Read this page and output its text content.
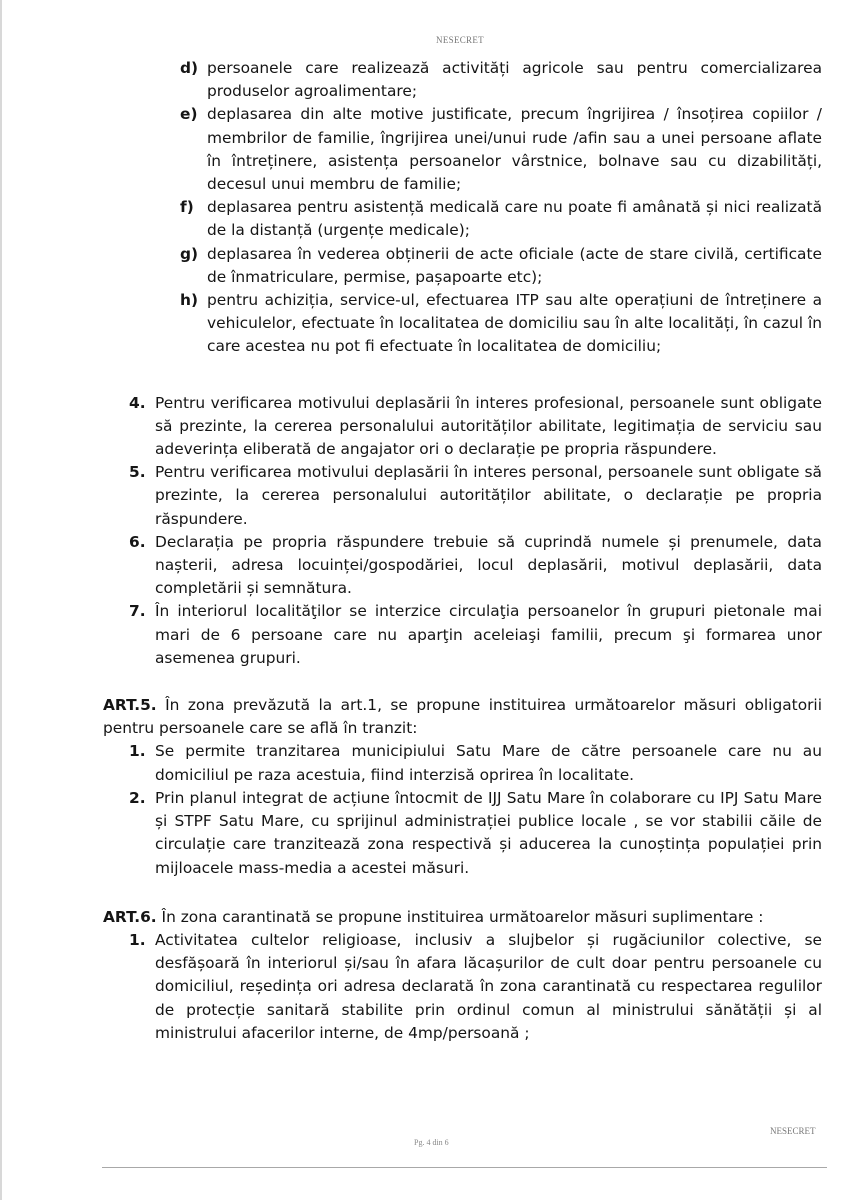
NESECRET

d) persoanele care realizează activități agricole sau pentru comercializarea produselor agroalimentare;

e) deplasarea din alte motive justificate, precum îngrijirea / însoțirea copiilor / membrilor de familie, îngrijirea unei/unui rude /afin sau a unei persoane aflate în întreținere, asistența persoanelor vârstnice, bolnave sau cu dizabilități, decesul unui membru de familie;

f) deplasarea pentru asistență medicală care nu poate fi amânată și nici realizată de la distanță (urgențe medicale);

g) deplasarea în vederea obținerii de acte oficiale (acte de stare civilă, certificate de înmatriculare, permise, pașapoarte etc);

h) pentru achiziția, service-ul, efectuarea ITP sau alte operațiuni de întreținere a vehiculelor, efectuate în localitatea de domiciliu sau în alte localități, în cazul în care acestea nu pot fi efectuate în localitatea de domiciliu;

4. Pentru verificarea motivului deplasării în interes profesional, persoanele sunt obligate să prezinte, la cererea personalului autorităților abilitate, legitimația de serviciu sau adeverința eliberată de angajator ori o declarație pe propria răspundere.

5. Pentru verificarea motivului deplasării în interes personal, persoanele sunt obligate să prezinte, la cererea personalului autorităților abilitate, o declarație pe propria răspundere.

6. Declarația pe propria răspundere trebuie să cuprindă numele și prenumele, data nașterii, adresa locuinței/gospodăriei, locul deplasării, motivul deplasării, data completării și semnătura.

7. În interiorul localităţilor se interzice circulaţia persoanelor în grupuri pietonale mai mari de 6 persoane care nu aparţin aceleiaşi familii, precum şi formarea unor asemenea grupuri.

ART.5. În zona prevăzută la art.1, se propune instituirea următoarelor măsuri obligatorii pentru persoanele care se află în tranzit:

1. Se permite tranzitarea municipiului Satu Mare de către persoanele care nu au domiciliul pe raza acestuia, fiind interzisă oprirea în localitate.

2. Prin planul integrat de acțiune întocmit de IJJ Satu Mare în colaborare cu IPJ Satu Mare și STPF Satu Mare, cu sprijinul administrației publice locale , se vor stabilii căile de circulație care tranzitează zona respectivă și aducerea la cunoștința populației prin mijloacele mass-media a acestei măsuri.

ART.6. În zona carantinată se propune instituirea următoarelor măsuri suplimentare :

1. Activitatea cultelor religioase, inclusiv a slujbelor și rugăciunilor colective, se desfășoară în interiorul și/sau în afara lăcașurilor de cult doar pentru persoanele cu domiciliul, reședința ori adresa declarată în zona carantinată cu respectarea regulilor de protecție sanitară stabilite prin ordinul comun al ministrului sănătății și al ministrului afacerilor interne, de 4mp/persoană ;

NESECRET
Pg. 4 din 6
